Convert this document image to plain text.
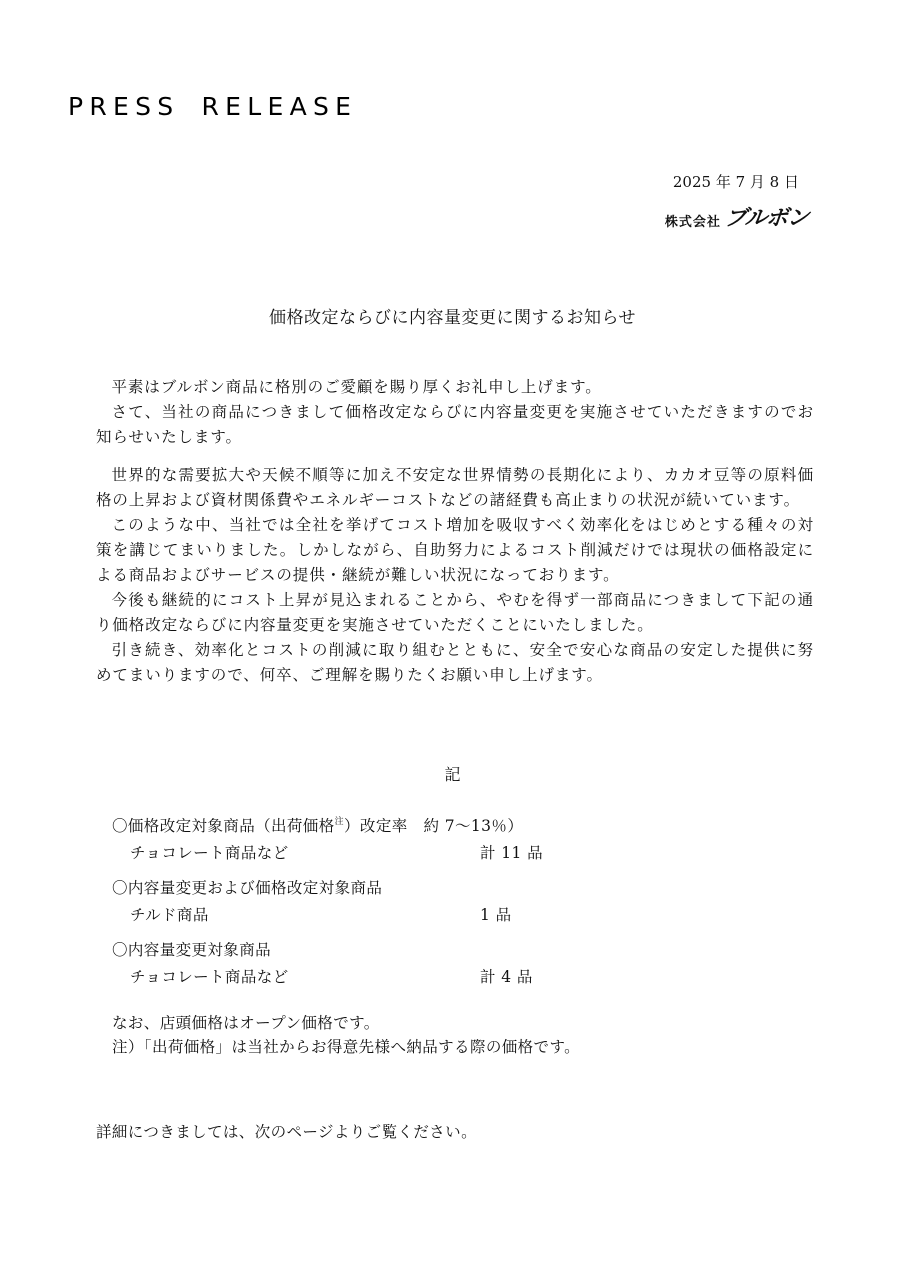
PRESS RELEASE
2025 年 7 月 8 日
株式会社 ブルボン
価格改定ならびに内容量変更に関するお知らせ

平素はブルボン商品に格別のご愛顧を賜り厚くお礼申し上げます。

さて、当社の商品につきまして価格改定ならびに内容量変更を実施させていただきますのでお知らせいたします。

世界的な需要拡大や天候不順等に加え不安定な世界情勢の長期化により、カカオ豆等の原料価格の上昇および資材関係費やエネルギーコストなどの諸経費も高止まりの状況が続いています。

このような中、当社では全社を挙げてコスト増加を吸収すべく効率化をはじめとする種々の対策を講じてまいりました。しかしながら、自助努力によるコスト削減だけでは現状の価格設定による商品およびサービスの提供・継続が難しい状況になっております。

今後も継続的にコスト上昇が見込まれることから、やむを得ず一部商品につきまして下記の通り価格改定ならびに内容量変更を実施させていただくことにいたしました。

引き続き、効率化とコストの削減に取り組むとともに、安全で安心な商品の安定した提供に努めてまいりますので、何卒、ご理解を賜りたくお願い申し上げます。

記
〇価格改定対象商品（出荷価格$^注$）改定率　約 7〜13％）
チョコレート商品など	計 11 品
〇内容量変更および価格改定対象商品
チルド商品	1 品
〇内容量変更対象商品
チョコレート商品など	計 4 品
なお、店頭価格はオープン価格です。
注）「出荷価格」は当社からお得意先様へ納品する際の価格です。
詳細につきましては、次のページよりご覧ください。
